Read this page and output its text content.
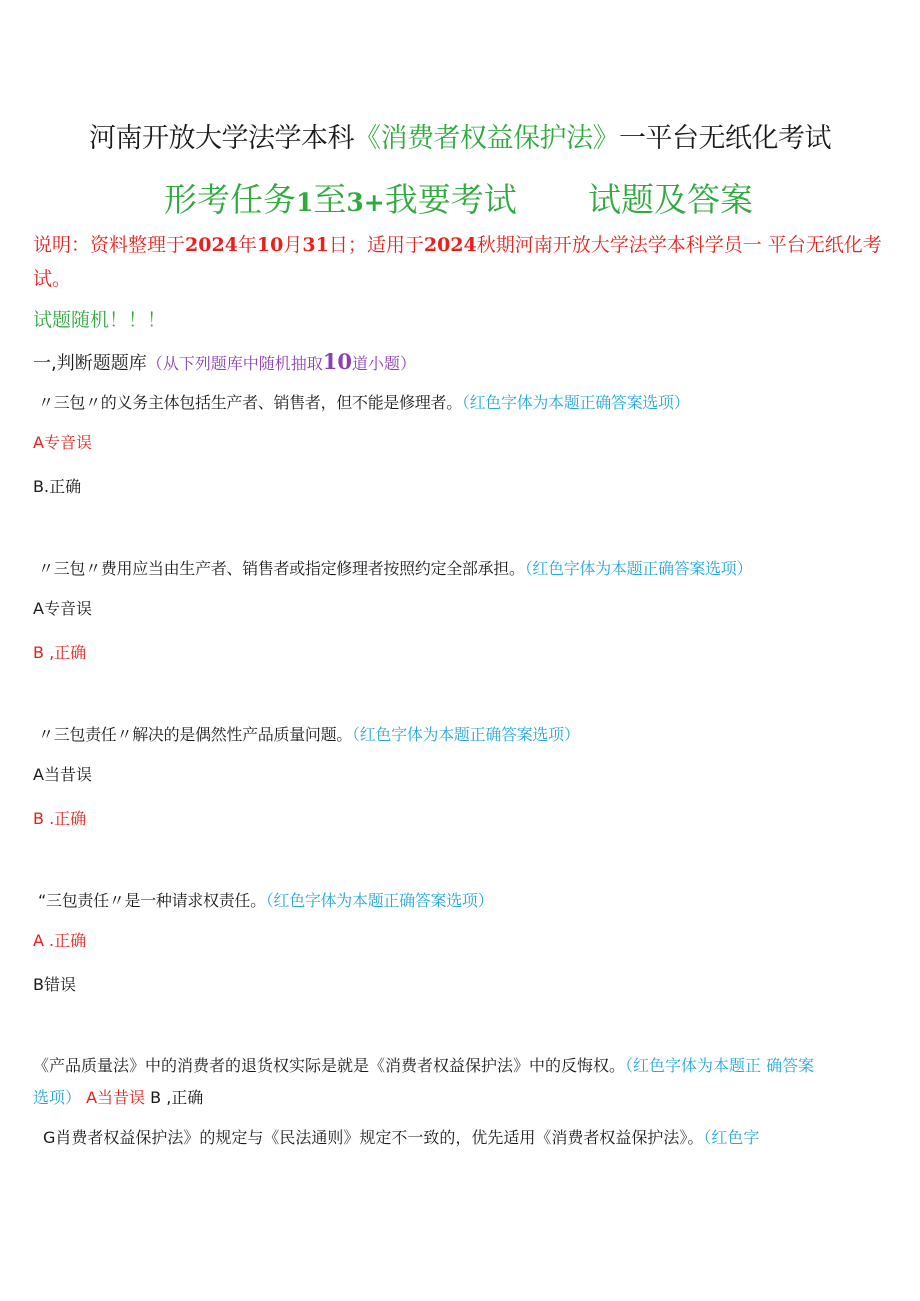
河南开放大学法学本科《消费者权益保护法》一平台无纸化考试
形考任务1至3+我要考试 试题及答案
说明：资料整理于2024年10月31日；适用于2024秋期河南开放大学法学本科学员一 平台无纸化考试。
试题随机！！！
一,判断题题库（从下列题库中随机抽取10道小题）
〃三包〃的义务主体包括生产者、销售者，但不能是修理者。（红色字体为本题正确答案选项）
A专音误
B.正确
〃三包〃费用应当由生产者、销售者或指定修理者按照约定全部承担。（红色字体为本题正确答案选项）
A专音误
B ,正确
〃三包责任〃解决的是偶然性产品质量问题。（红色字体为本题正确答案选项）
A当昔误
B .正确
“三包责任〃是一种请求权责任。（红色字体为本题正确答案选项）
A .正确
B错误
《产品质量法》中的消费者的退货权实际是就是《消费者权益保护法》中的反悔权。（红色字体为本题正 确答案
选项） A当昔误 B ,正确
G肖费者权益保护法》的规定与《民法通则》规定不一致的，优先适用《消费者权益保护法》。（红色字
